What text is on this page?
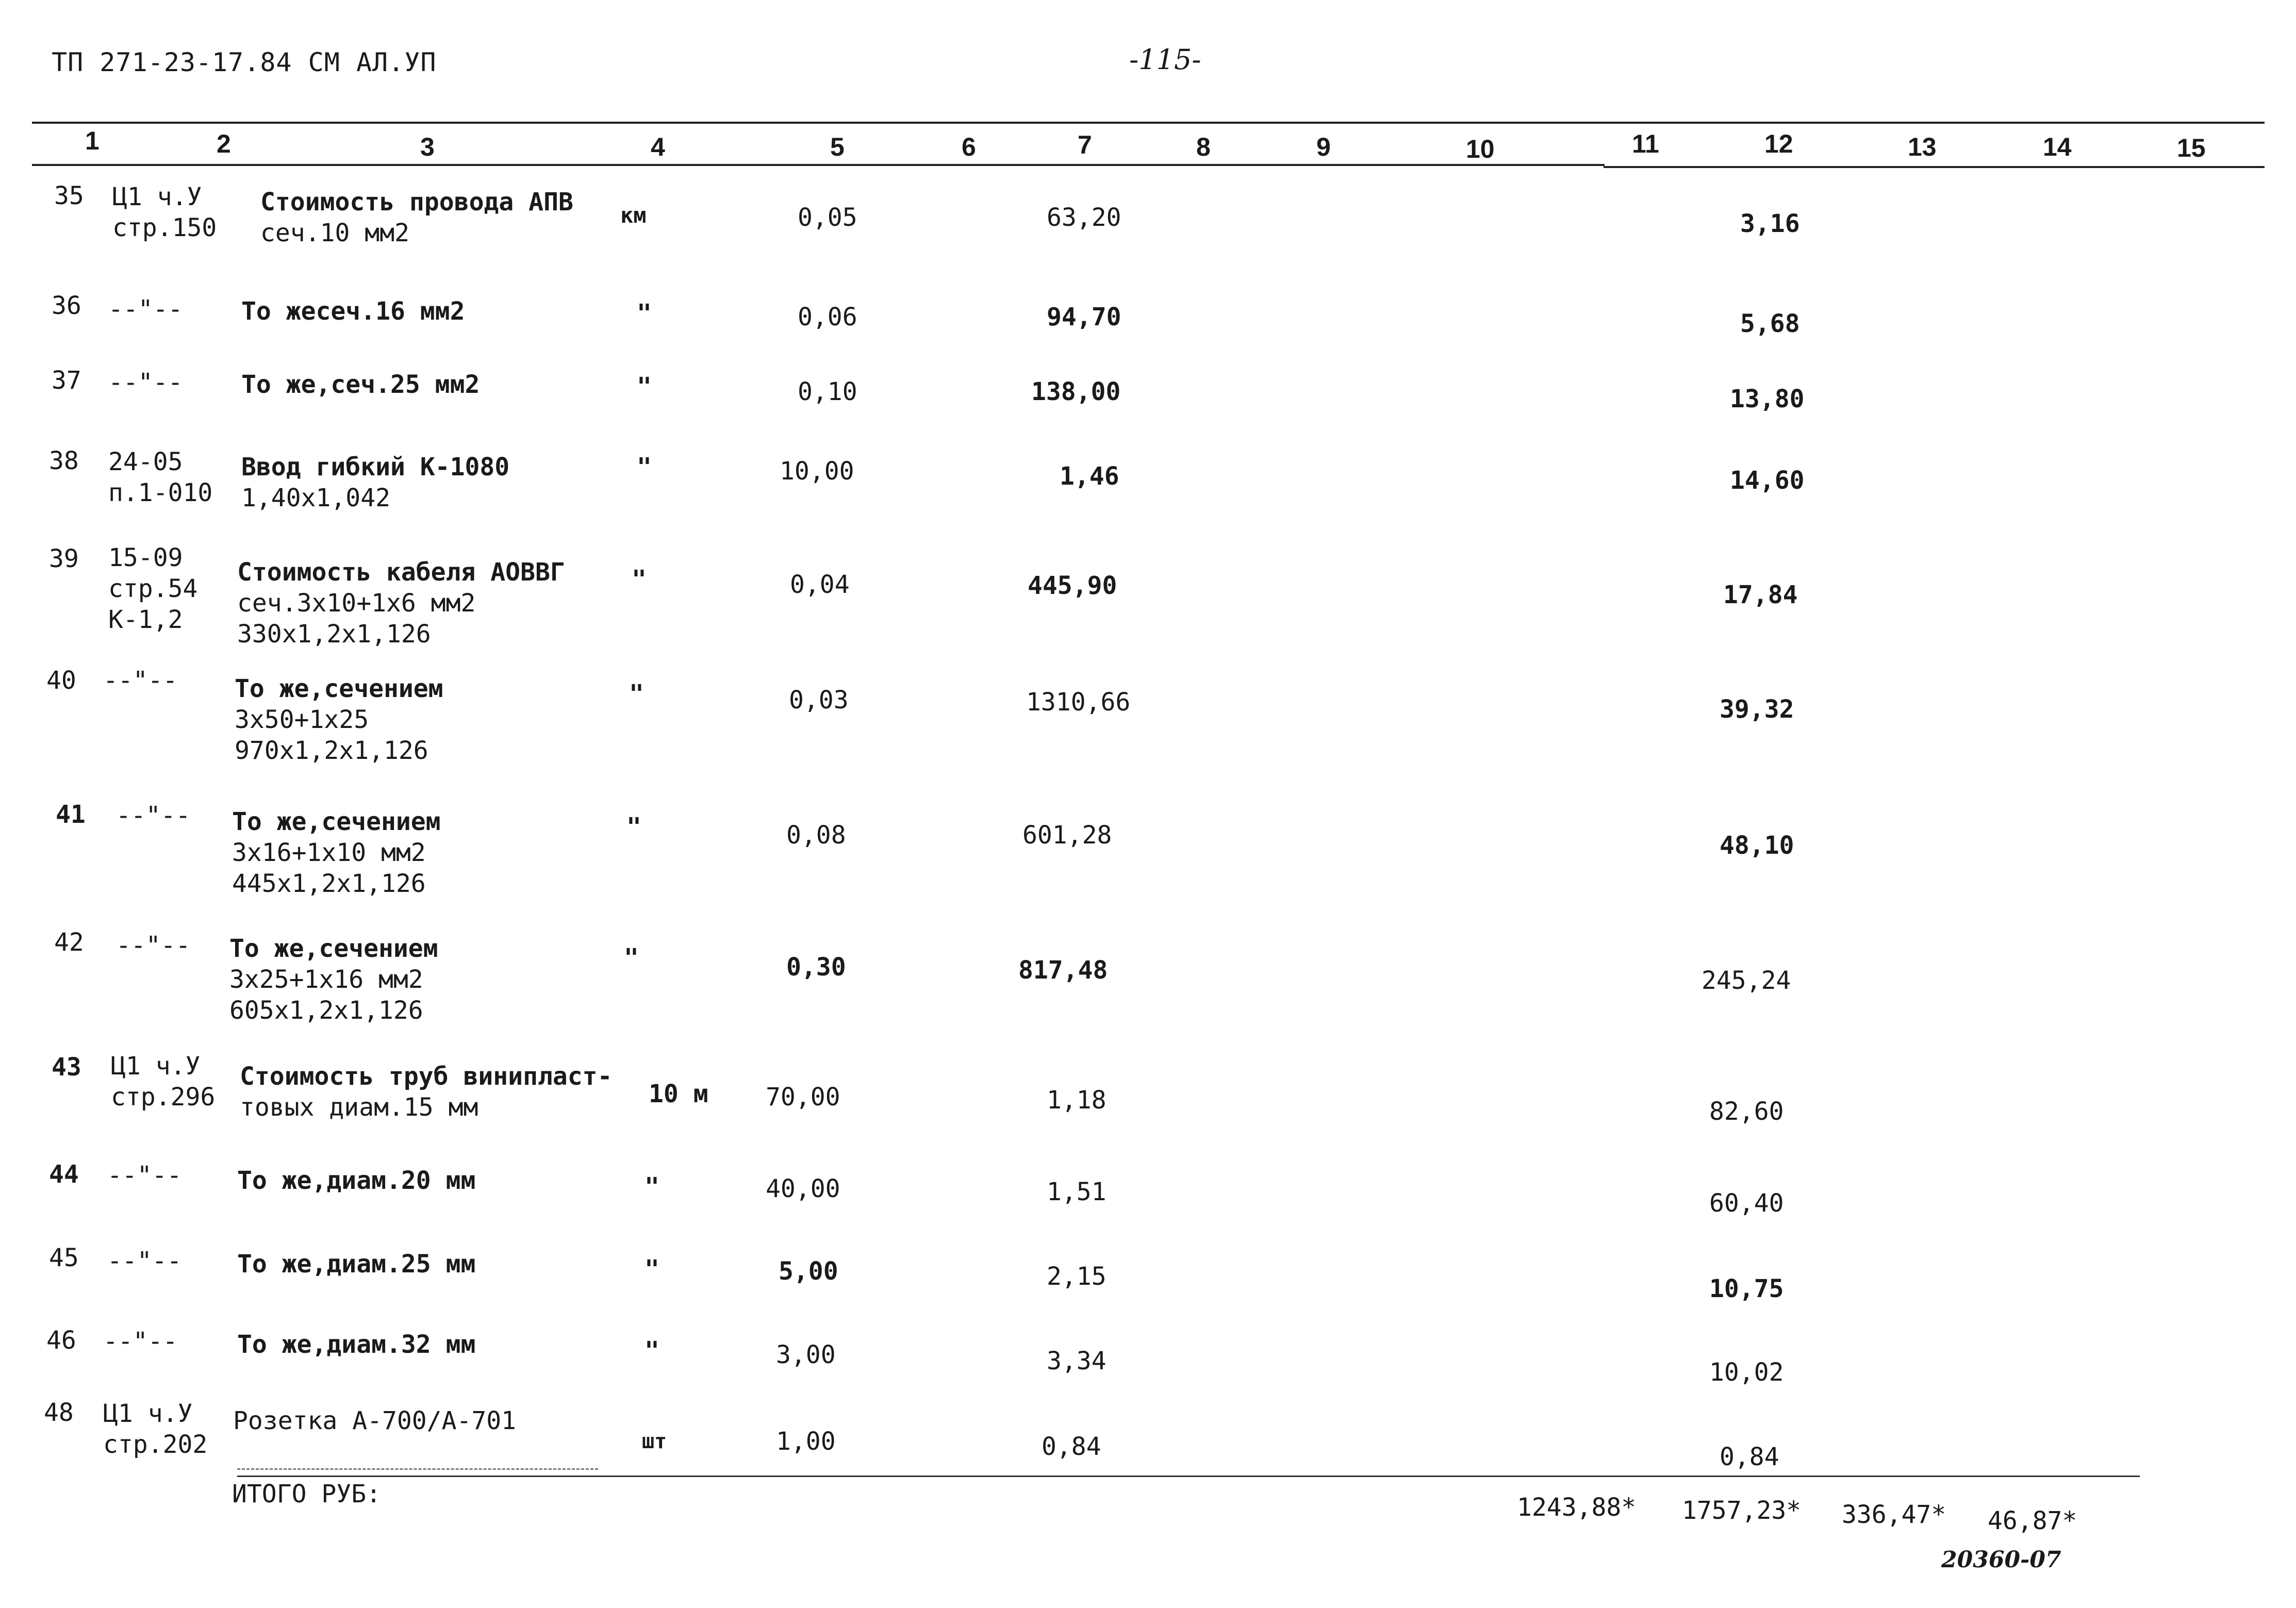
ТП 271-23-17.84 СМ АЛ.УП	-115-
1	2	3	4	5	6	7	8	9	10	11	12	13	14	15
35 Ц1 ч.У
стр.150
Стоимость провода АПВ
сеч.10 мм2
км	0,05	63,20	3,16
36 --"-- То жесеч.16 мм2	"	0,06	94,70	5,68
37 --"-- То же,сеч.25 мм2	"	0,10	138,00	13,80
38 24-05
п.1-010
Ввод гибкий К-1080
1,40х1,042
"	10,00	1,46	14,60
39 15-09
стр.54
К-1,2
Стоимость кабеля АОВВГ
сеч.3х10+1х6 мм2
330х1,2х1,126
"	0,04	445,90	17,84
40 --"-- То же,сечением
3х50+1х25
970х1,2х1,126
"	0,03	1310,66	39,32
41 --"-- То же,сечением
3х16+1х10 мм2
445х1,2х1,126
"	0,08	601,28	48,10
42 --"-- То же,сечением
3х25+1х16 мм2
605х1,2х1,126
"	0,30	817,48	245,24
43 Ц1 ч.У
стр.296
Стоимость труб винипласт-
товых диам.15 мм	10 м 70,00	1,18	82,60
44 --"-- То же,диам.20 мм	"	40,00	1,51	60,40
45 --"-- То же,диам.25 мм	"	5,00	2,15	10,75
46 --"-- То же,диам.32 мм	"	3,00	3,34	10,02
48 Ц1 ч.У
стр.202
Розетка А-700/А-701
шт	1,00	0,84	0,84
ИТОГО РУБ:	1243,88* 1757,23* 336,47* 46,87*
20360-07
